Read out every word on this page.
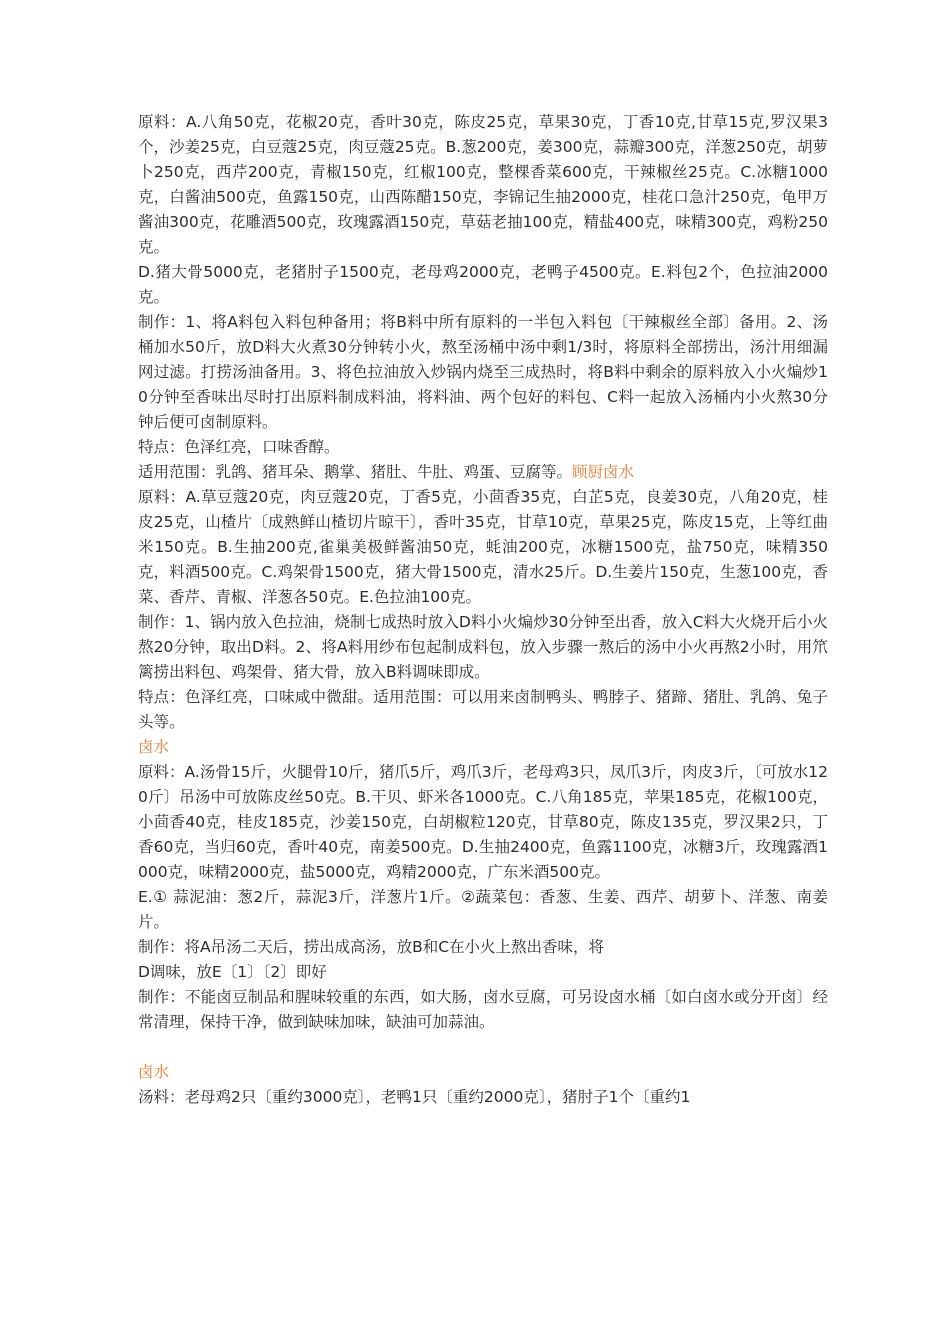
原料：A.八角50克，花椒20克，香叶30克，陈皮25克，草果30克，丁香10克,甘草15克,罗汉果3个，沙姜25克，白豆蔻25克，肉豆蔻25克。B.葱200克，姜300克，蒜瓣300克，洋葱250克，胡萝卜250克，西芹200克，青椒150克，红椒100克，整棵香菜600克，干辣椒丝25克。C.冰糖1000克，白酱油500克，鱼露150克，山西陈醋150克，李锦记生抽2000克，桂花口急汁250克，龟甲万酱油300克，花雕酒500克，玫瑰露酒150克，草菇老抽100克，精盐400克，味精300克，鸡粉250克。

D.猪大骨5000克，老猪肘子1500克，老母鸡2000克，老鸭子4500克。E.料包2个，色拉油2000克。

制作：1、将A料包入料包种备用；将B料中所有原料的一半包入料包〔干辣椒丝全部〕备用。2、汤桶加水50斤，放D料大火煮30分钟转小火，熬至汤桶中汤中剩1/3时，将原料全部捞出，汤汁用细漏网过滤。打捞汤油备用。3、将色拉油放入炒锅内烧至三成热时，将B料中剩余的原料放入小火煸炒10分钟至香味出尽时打出原料制成料油，将料油、两个包好的料包、C料一起放入汤桶内小火熬30分钟后便可卤制原料。

特点：色泽红亮，口味香醇。

适用范围：乳鸽、猪耳朵、鹅掌、猪肚、牛肚、鸡蛋、豆腐等。顾厨卤水

原料：A.草豆蔻20克，肉豆蔻20克，丁香5克，小茴香35克，白芷5克，良姜30克，八角20克，桂皮25克，山楂片〔成熟鲜山楂切片晾干〕，香叶35克，甘草10克，草果25克，陈皮15克，上等红曲米150克。B.生抽200克,雀巢美极鲜酱油50克，蚝油200克，冰糖1500克，盐750克，味精350克，料酒500克。C.鸡架骨1500克，猪大骨1500克，清水25斤。D.生姜片150克，生葱100克，香菜、香芹、青椒、洋葱各50克。E.色拉油100克。

制作：1、锅内放入色拉油，烧制七成热时放入D料小火煸炒30分钟至出香，放入C料大火烧开后小火熬20分钟，取出D料。2、将A料用纱布包起制成料包，放入步骤一熬后的汤中小火再熬2小时，用笊篱捞出料包、鸡架骨、猪大骨，放入B料调味即成。

特点：色泽红亮，口味咸中微甜。适用范围：可以用来卤制鸭头、鸭脖子、猪蹄、猪肚、乳鸽、兔子头等。

卤水

原料：A.汤骨15斤，火腿骨10斤，猪爪5斤，鸡爪3斤，老母鸡3只，凤爪3斤，肉皮3斤，〔可放水120斤〕吊汤中可放陈皮丝50克。B.干贝、虾米各1000克。C.八角185克，苹果185克，花椒100克，小茴香40克，桂皮185克，沙姜150克，白胡椒粒120克，甘草80克，陈皮135克，罗汉果2只，丁香60克，当归60克，香叶40克，南姜500克。D.生抽2400克，鱼露1100克，冰糖3斤，玫瑰露酒1000克，味精2000克，盐5000克，鸡精2000克，广东米酒500克。

E.① 蒜泥油：葱2斤，蒜泥3斤，洋葱片1斤。②蔬菜包：香葱、生姜、西芹、胡萝卜、洋葱、南姜片。

制作：将A吊汤二天后，捞出成高汤，放B和C在小火上熬出香味，将

D调味，放E〔1〕〔2〕即好

制作：不能卤豆制品和腥味较重的东西，如大肠，卤水豆腐，可另设卤水桶〔如白卤水或分开卤〕经常清理，保持干净，做到缺味加味，缺油可加蒜油。

卤水

汤料：老母鸡2只〔重约3000克〕，老鸭1只〔重约2000克〕，猪肘子1个〔重约1
